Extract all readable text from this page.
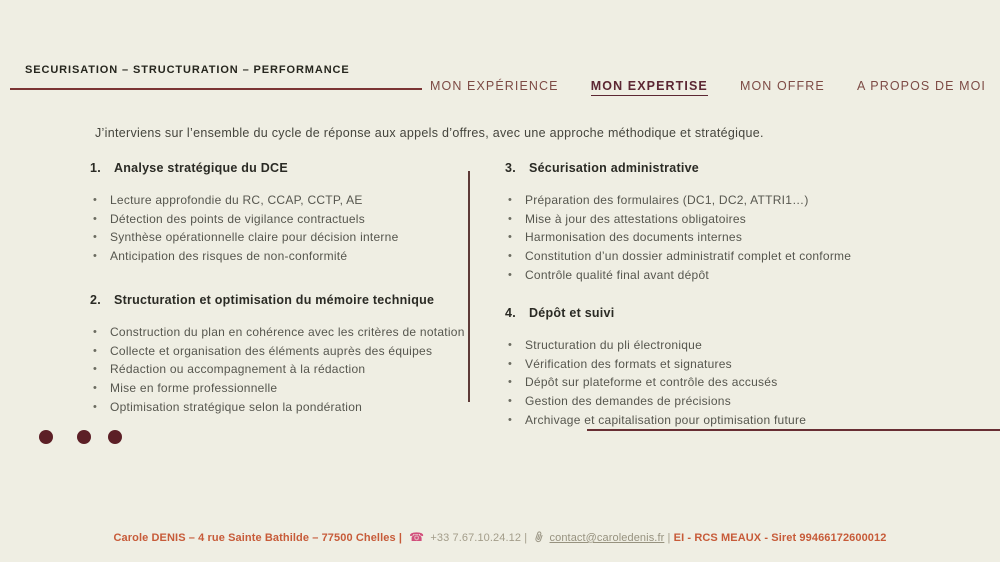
SECURISATION – STRUCTURATION – PERFORMANCE
MON EXPÉRIENCE	MON EXPERTISE	MON OFFRE	A PROPOS DE MOI

J’interviens sur l’ensemble du cycle de réponse aux appels d’offres, avec une approche méthodique et stratégique.

1.	Analyse stratégique du DCE
• Lecture approfondie du RC, CCAP, CCTP, AE
• Détection des points de vigilance contractuels
• Synthèse opérationnelle claire pour décision interne
• Anticipation des risques de non-conformité
2.	Structuration et optimisation du mémoire technique
• Construction du plan en cohérence avec les critères de notation
• Collecte et organisation des éléments auprès des équipes
• Rédaction ou accompagnement à la rédaction
• Mise en forme professionnelle
• Optimisation stratégique selon la pondération
3.	Sécurisation administrative
• Préparation des formulaires (DC1, DC2, ATTRI1…)
• Mise à jour des attestations obligatoires
• Harmonisation des documents internes
• Constitution d’un dossier administratif complet et conforme
• Contrôle qualité final avant dépôt
4.	Dépôt et suivi
• Structuration du pli électronique
• Vérification des formats et signatures
• Dépôt sur plateforme et contrôle des accusés
• Gestion des demandes de précisions
• Archivage et capitalisation pour optimisation future
Carole DENIS – 4 rue Sainte Bathilde – 77500 Chelles | ☎ +33 7.67.10.24.12 | contact@caroledenis.fr | EI - RCS MEAUX - Siret 99466172600012
